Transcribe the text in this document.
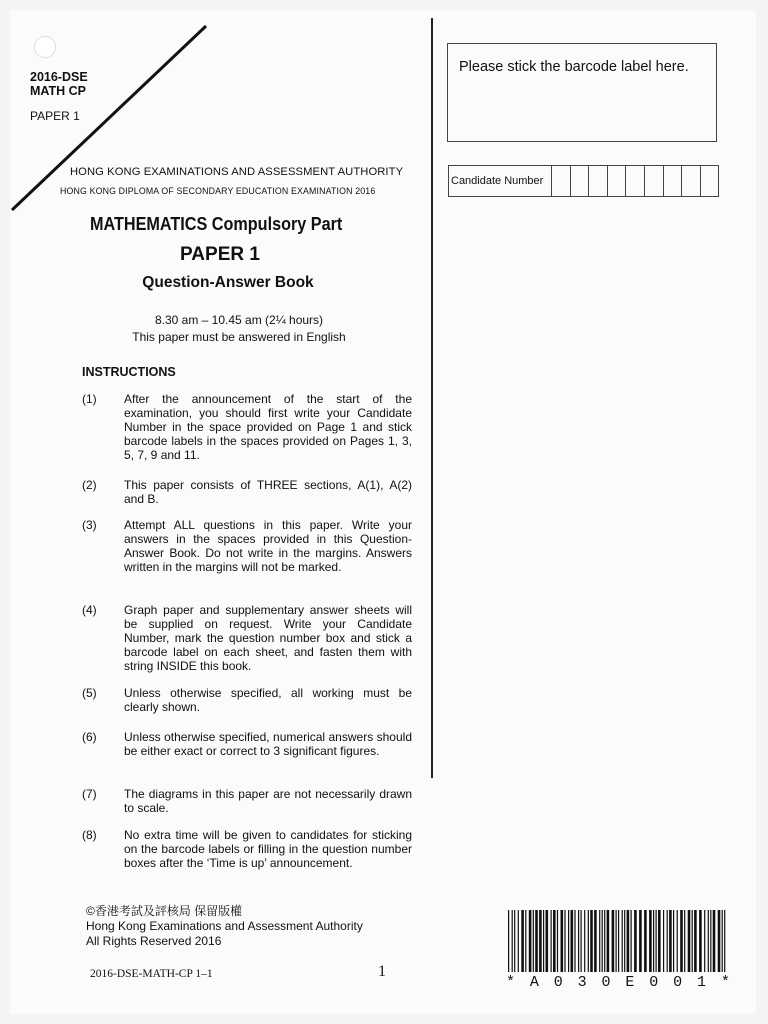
2016-DSE
MATH CP
PAPER 1
HONG KONG EXAMINATIONS AND ASSESSMENT AUTHORITY
HONG KONG DIPLOMA OF SECONDARY EDUCATION EXAMINATION 2016
MATHEMATICS Compulsory Part
PAPER 1
Question-Answer Book
8.30 am – 10.45 am (2¼ hours)
This paper must be answered in English
INSTRUCTIONS
(1)	After the announcement of the start of the examination, you should first write your Candidate Number in the space provided on Page 1 and stick barcode labels in the spaces provided on Pages 1, 3, 5, 7, 9 and 11.
(2)	This paper consists of THREE sections, A(1), A(2) and B.
(3)	Attempt ALL questions in this paper. Write your answers in the spaces provided in this Question-Answer Book. Do not write in the margins. Answers written in the margins will not be marked.
(4)	Graph paper and supplementary answer sheets will be supplied on request. Write your Candidate Number, mark the question number box and stick a barcode label on each sheet, and fasten them with string INSIDE this book.
(5)	Unless otherwise specified, all working must be clearly shown.
(6)	Unless otherwise specified, numerical answers should be either exact or correct to 3 significant figures.
(7)	The diagrams in this paper are not necessarily drawn to scale.
(8)	No extra time will be given to candidates for sticking on the barcode labels or filling in the question number boxes after the ‘Time is up’ announcement.
Please stick the barcode label here.
Candidate Number
©香港考試及評核局 保留版權
Hong Kong Examinations and Assessment Authority
All Rights Reserved 2016
2016-DSE-MATH-CP 1–1	1
* A 0 3 0 E 0 0 1 *
